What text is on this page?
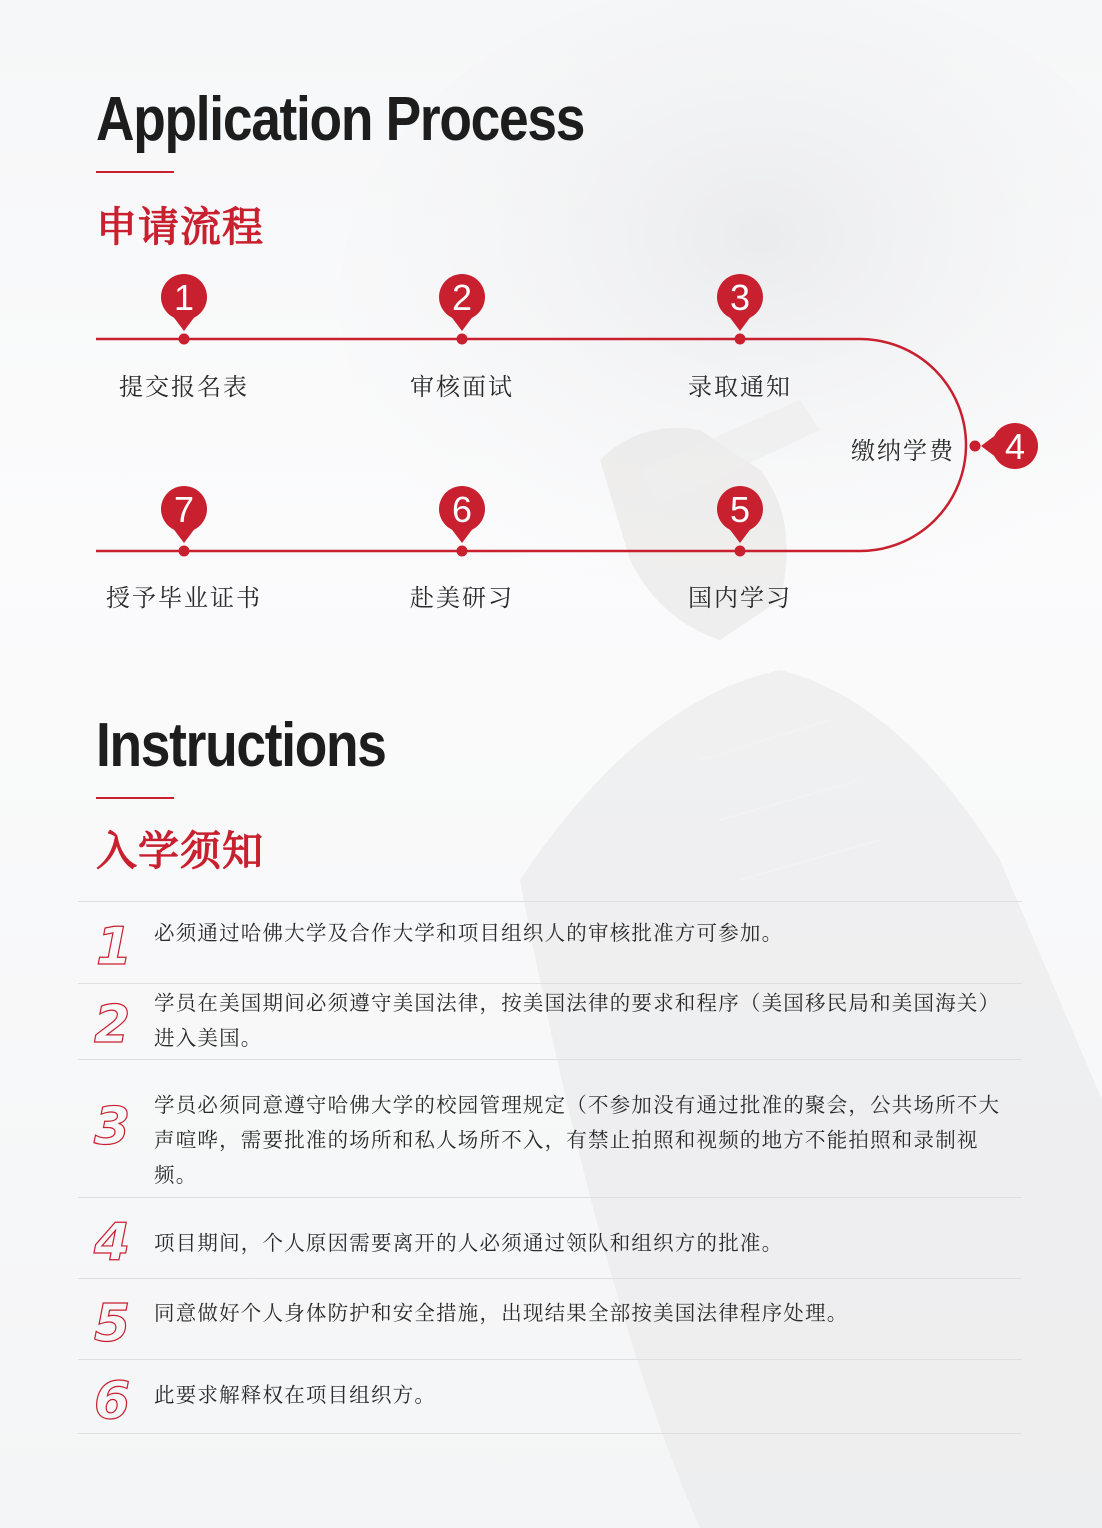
Application Process
申请流程
1	2	3
4
5
6
7
提交报名表	审核面试	录取通知
缴纳学费
国内学习
赴美研习
授予毕业证书
Instructions
入学须知
1 必须通过哈佛大学及合作大学和项目组织人的审核批准方可参加。
2 学员在美国期间必须遵守美国法律，按美国法律的要求和程序（美国移民局和美国海关）进入美国。
3 学员必须同意遵守哈佛大学的校园管理规定（不参加没有通过批准的聚会，公共场所不大声喧哗，需要批准的场所和私人场所不入，有禁止拍照和视频的地方不能拍照和录制视频。
4 项目期间，个人原因需要离开的人必须通过领队和组织方的批准。
5 同意做好个人身体防护和安全措施，出现结果全部按美国法律程序处理。
6 此要求解释权在项目组织方。
